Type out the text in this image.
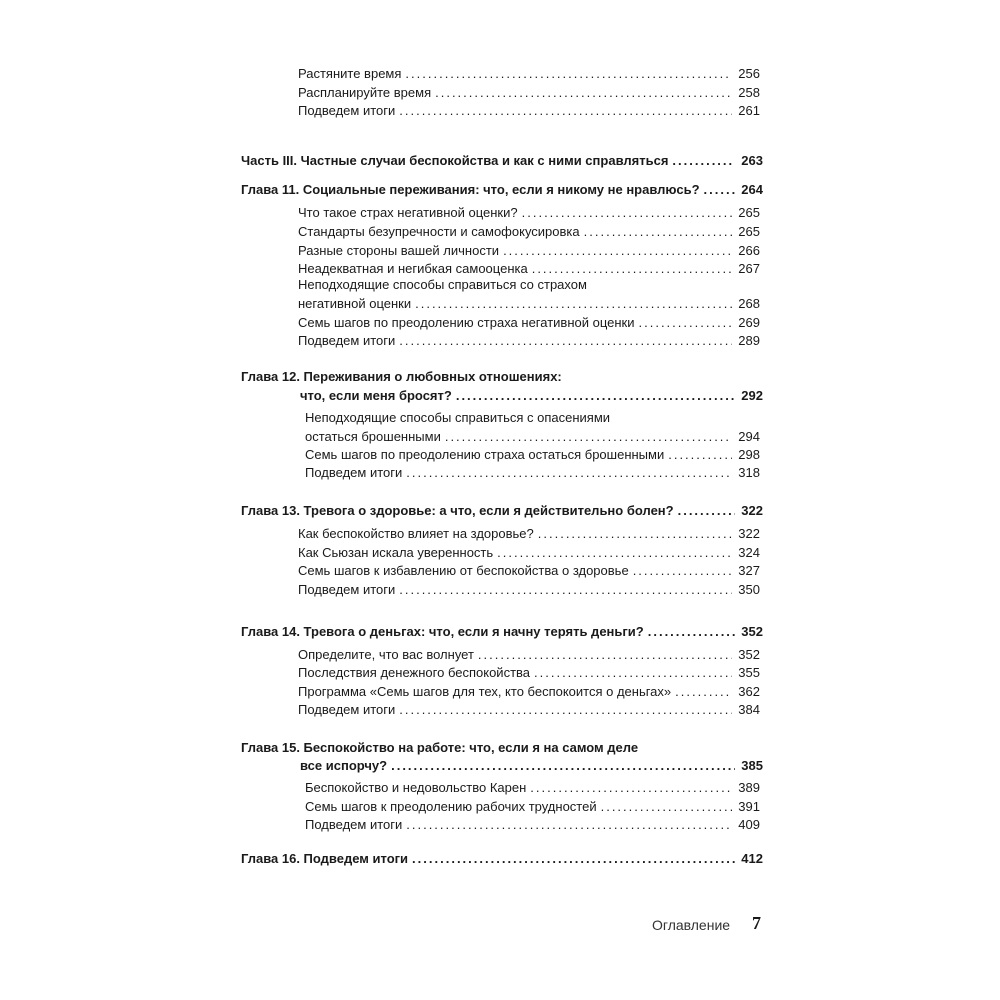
Растяните время .....	256
Распланируйте время .....	258
Подведем итоги .....	261
Часть III. Частные случаи беспокойства и как с ними справляться .....	263
Глава 11. Социальные переживания: что, если я никому не нравлюсь? .....	264
Что такое страх негативной оценки? .....	265
Стандарты безупречности и самофокусировка .....	265
Разные стороны вашей личности .....	266
Неадекватная и негибкая самооценка .....	267
Неподходящие способы справиться со страхом
негативной оценки .....	268
Семь шагов по преодолению страха негативной оценки .....	269
Подведем итоги .....	289
Глава 12. Переживания о любовных отношениях:
что, если меня бросят? .....	292
Неподходящие способы справиться с опасениями
остаться брошенными .....	294
Семь шагов по преодолению страха остаться брошенными .....	298
Подведем итоги .....	318
Глава 13. Тревога о здоровье: а что, если я действительно болен? .....	322
Как беспокойство влияет на здоровье? .....	322
Как Сьюзан искала уверенность .....	324
Семь шагов к избавлению от беспокойства о здоровье .....	327
Подведем итоги .....	350
Глава 14. Тревога о деньгах: что, если я начну терять деньги? .....	352
Определите, что вас волнует .....	352
Последствия денежного беспокойства .....	355
Программа «Семь шагов для тех, кто беспокоится о деньгах» .....	362
Подведем итоги .....	384
Глава 15. Беспокойство на работе: что, если я на самом деле
все испорчу? .....	385
Беспокойство и недовольство Карен .....	389
Семь шагов к преодолению рабочих трудностей .....	391
Подведем итоги .....	409
Глава 16. Подведем итоги .....	412
Оглавление 7
